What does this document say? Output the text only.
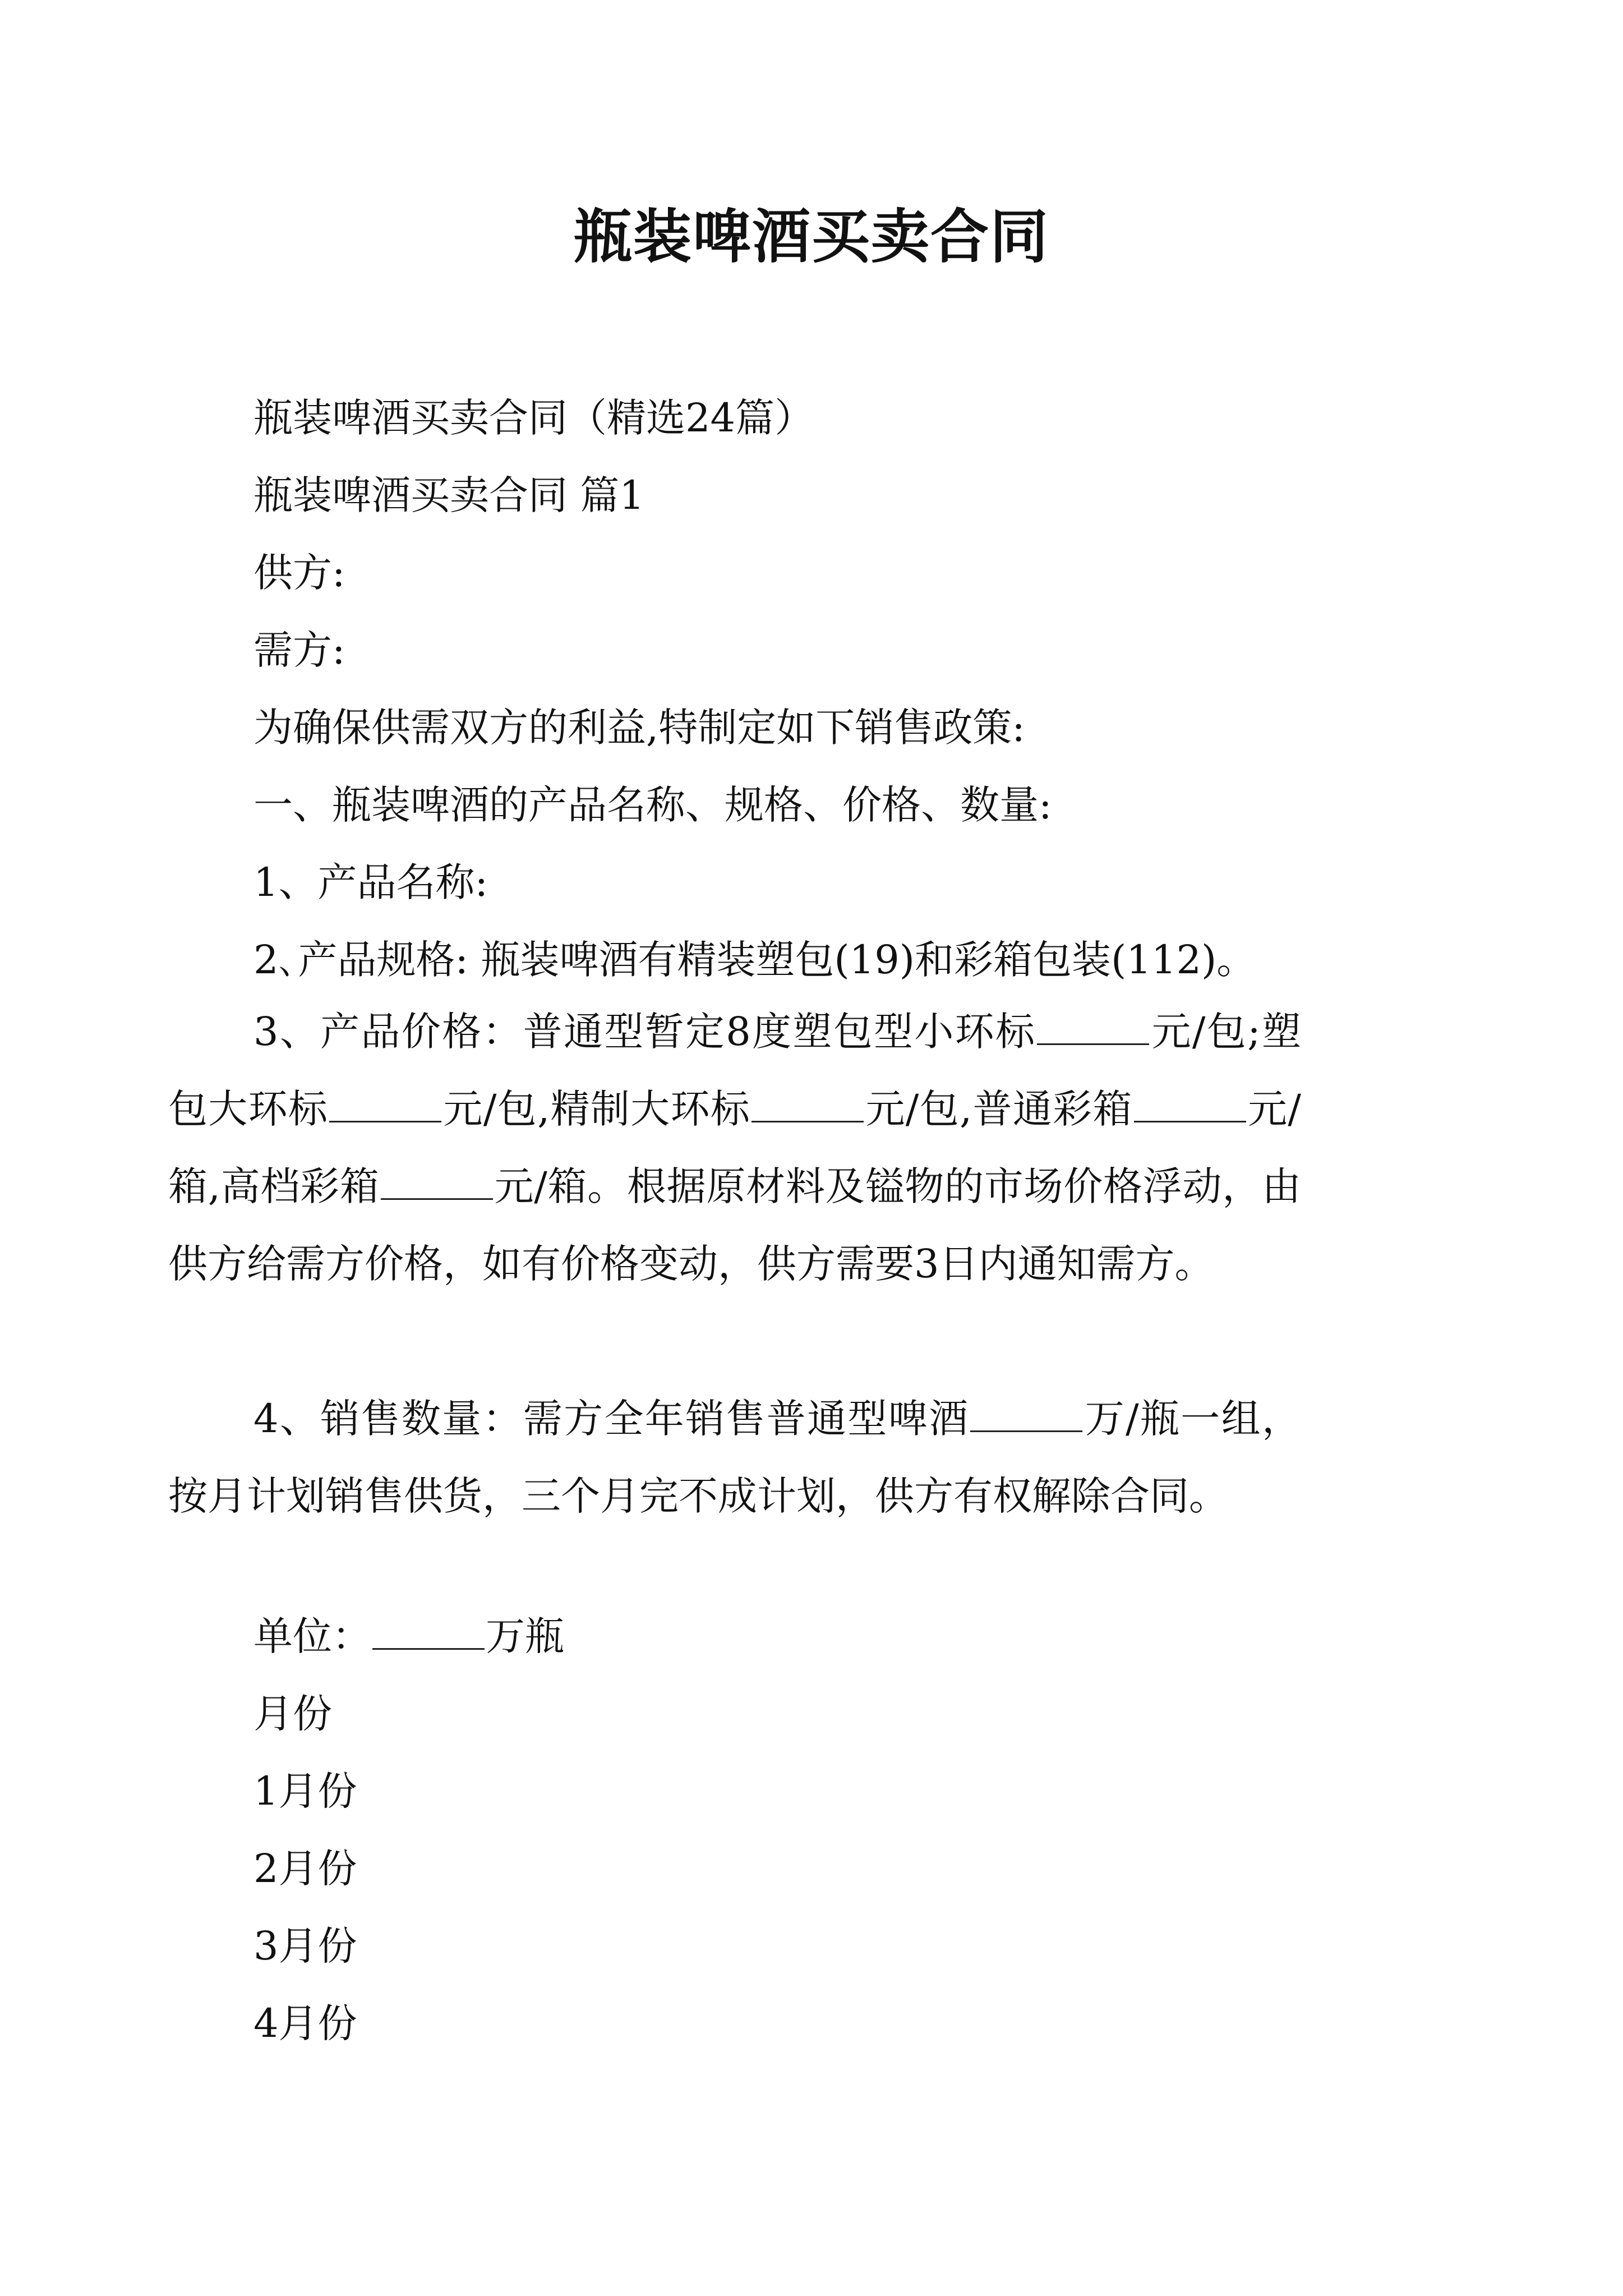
瓶装啤酒买卖合同

瓶装啤酒买卖合同（精选24篇）

瓶装啤酒买卖合同 篇1

供方:

需方:

为确保供需双方的利益,特制定如下销售政策:

一、瓶装啤酒的产品名称、规格、价格、数量:

1、产品名称:

2､产品规格: 瓶装啤酒有精装塑包(19)和彩箱包装(112)。

3、产品价格：普通型暂定8度塑包型小环标	元/包;塑包大环标	元/包,精制大环标	元/包,普通彩箱	元/箱,高档彩箱	元/箱。根据原材料及镒物的市场价格浮动，由供方给需方价格，如有价格变动，供方需要3日内通知需方。

4、销售数量：需方全年销售普通型啤酒	万/瓶一组，按月计划销售供货，三个月完不成计划，供方有权解除合同。

单位：	万瓶

月份

1月份

2月份

3月份

4月份
